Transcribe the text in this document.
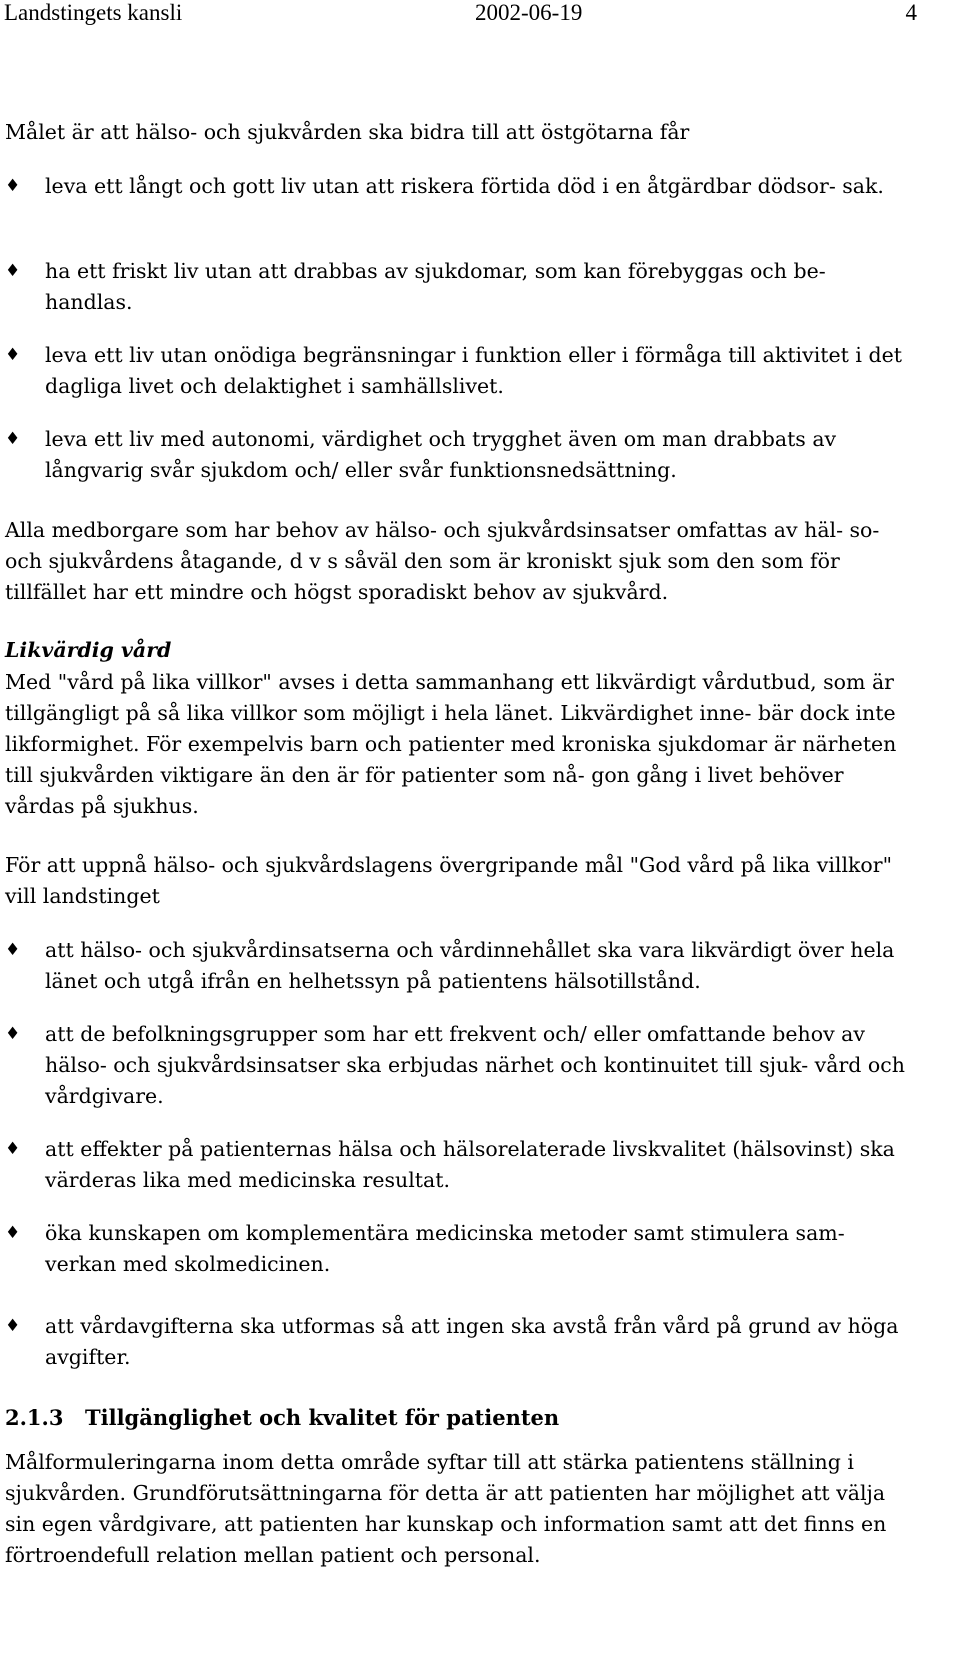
Landstingets kansli	2002-06-19	4

Målet är att hälso- och sjukvården ska bidra till att östgötarna får

♦ leva ett långt och gott liv utan att riskera förtida död i en åtgärdbar dödsor- sak.
♦ ha ett friskt liv utan att drabbas av sjukdomar, som kan förebyggas och be- handlas.
♦ leva ett liv utan onödiga begränsningar i funktion eller i förmåga till aktivitet i det dagliga livet och delaktighet i samhällslivet.
♦ leva ett liv med autonomi, värdighet och trygghet även om man drabbats av långvarig svår sjukdom och/ eller svår funktionsnedsättning.

Alla medborgare som har behov av hälso- och sjukvårdsinsatser omfattas av häl- so- och sjukvårdens åtagande, d v s såväl den som är kroniskt sjuk som den som för tillfället har ett mindre och högst sporadiskt behov av sjukvård.

Likvärdig vård

Med "vård på lika villkor" avses i detta sammanhang ett likvärdigt vårdutbud, som är tillgängligt på så lika villkor som möjligt i hela länet. Likvärdighet inne- bär dock inte likformighet. För exempelvis barn och patienter med kroniska sjukdomar är närheten till sjukvården viktigare än den är för patienter som nå- gon gång i livet behöver vårdas på sjukhus.

För att uppnå hälso- och sjukvårdslagens övergripande mål "God vård på lika villkor" vill landstinget

♦ att hälso- och sjukvårdinsatserna och vårdinnehållet ska vara likvärdigt över hela länet och utgå ifrån en helhetssyn på patientens hälsotillstånd.
♦ att de befolkningsgrupper som har ett frekvent och/ eller omfattande behov av hälso- och sjukvårdsinsatser ska erbjudas närhet och kontinuitet till sjuk- vård och vårdgivare.
♦ att effekter på patienternas hälsa och hälsorelaterade livskvalitet (hälsovinst) ska värderas lika med medicinska resultat.
♦ öka kunskapen om komplementära medicinska metoder samt stimulera sam- verkan med skolmedicinen.
♦ att vårdavgifterna ska utformas så att ingen ska avstå från vård på grund av höga avgifter.
2.1.3 Tillgänglighet och kvalitet för patienten

Målformuleringarna inom detta område syftar till att stärka patientens ställning i sjukvården. Grundförutsättningarna för detta är att patienten har möjlighet att välja sin egen vårdgivare, att patienten har kunskap och information samt att det finns en förtroendefull relation mellan patient och personal.
